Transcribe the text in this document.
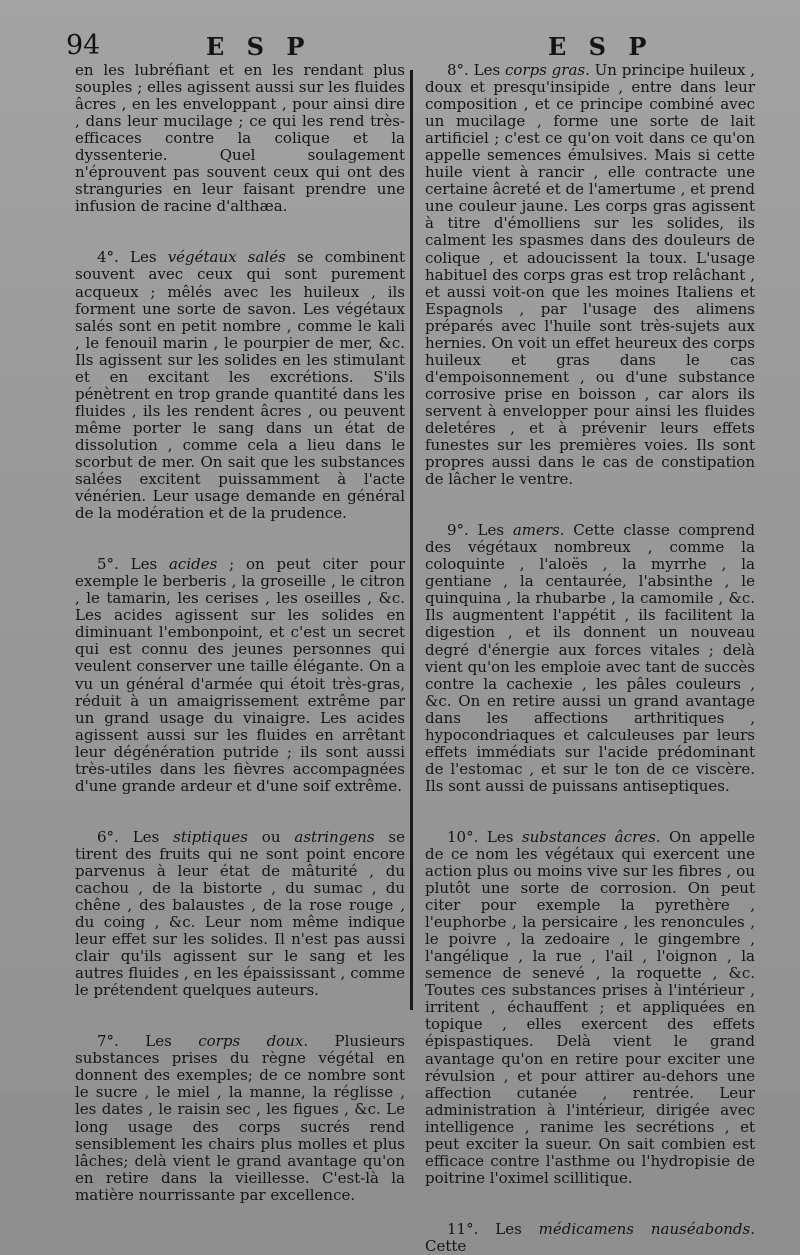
94	E S P	E S P

en les lubréfiant et en les rendant plus souples ; elles agissent aussi sur les fluides âcres , en les enveloppant , pour ainsi dire , dans leur mucilage ; ce qui les rend très-efficaces contre la colique et la dyssenterie. Quel soulagement n'éprouvent pas souvent ceux qui ont des stranguries en leur faisant prendre une infusion de racine d'althæa.

4°. Les végétaux salés se combinent souvent avec ceux qui sont purement acqueux ; mêlés avec les huileux , ils forment une sorte de savon. Les végétaux salés sont en petit nombre , comme le kali , le fenouil marin , le pourpier de mer, &c. Ils agissent sur les solides en les stimulant et en excitant les excrétions. S'ils pénètrent en trop grande quantité dans les fluides , ils les rendent âcres , ou peuvent même porter le sang dans un état de dissolution , comme cela a lieu dans le scorbut de mer. On sait que les substances salées excitent puissamment à l'acte vénérien. Leur usage demande en général de la modération et de la prudence.

5°. Les acides ; on peut citer pour exemple le berberis , la groseille , le citron , le tamarin, les cerises , les oseilles , &c. Les acides agissent sur les solides en diminuant l'embonpoint, et c'est un secret qui est connu des jeunes personnes qui veulent conserver une taille élégante. On a vu un général d'armée qui étoit très-gras, réduit à un amaigrissement extrême par un grand usage du vinaigre. Les acides agissent aussi sur les fluides en arrêtant leur dégénération putride ; ils sont aussi très-utiles dans les fièvres accompagnées d'une grande ardeur et d'une soif extrême.

6°. Les stiptiques ou astringens se tirent des fruits qui ne sont point encore parvenus à leur état de mâturité , du cachou , de la bistorte , du sumac , du chêne , des balaustes , de la rose rouge , du coing , &c. Leur nom même indique leur effet sur les solides. Il n'est pas aussi clair qu'ils agissent sur le sang et les autres fluides , en les épaississant , comme le prétendent quelques auteurs.

7°. Les corps doux. Plusieurs substances prises du règne végétal en donnent des exemples; de ce nombre sont le sucre , le miel , la manne, la réglisse , les dates , le raisin sec , les figues , &c. Le long usage des corps sucrés rend sensiblement les chairs plus molles et plus lâches; delà vient le grand avantage qu'on en retire dans la vieillesse. C'est-là la matière nourrissante par excellence.

8°. Les corps gras. Un principe huileux , doux et presqu'insipide , entre dans leur composition , et ce principe combiné avec un mucilage , forme une sorte de lait artificiel ; c'est ce qu'on voit dans ce qu'on appelle semences émulsives. Mais si cette huile vient à rancir , elle contracte une certaine âcreté et de l'amertume , et prend une couleur jaune. Les corps gras agissent à titre d'émolliens sur les solides, ils calment les spasmes dans des douleurs de colique , et adoucissent la toux. L'usage habituel des corps gras est trop relâchant , et aussi voit-on que les moines Italiens et Espagnols , par l'usage des alimens préparés avec l'huile sont très-sujets aux hernies. On voit un effet heureux des corps huileux et gras dans le cas d'empoisonnement , ou d'une substance corrosive prise en boisson , car alors ils servent à envelopper pour ainsi les fluides deletéres , et à prévenir leurs effets funestes sur les premières voies. Ils sont propres aussi dans le cas de constipation de lâcher le ventre.

9°. Les amers. Cette classe comprend des végétaux nombreux , comme la coloquinte , l'aloës , la myrrhe , la gentiane , la centaurée, l'absinthe , le quinquina , la rhubarbe , la camomile , &c. Ils augmentent l'appétit , ils facilitent la digestion , et ils donnent un nouveau degré d'énergie aux forces vitales ; delà vient qu'on les emploie avec tant de succès contre la cachexie , les pâles couleurs , &c. On en retire aussi un grand avantage dans les affections arthritiques , hypocondriaques et calculeuses par leurs effets immédiats sur l'acide prédominant de l'estomac , et sur le ton de ce viscère. Ils sont aussi de puissans antiseptiques.

10°. Les substances âcres. On appelle de ce nom les végétaux qui exercent une action plus ou moins vive sur les fibres , ou plutôt une sorte de corrosion. On peut citer pour exemple la pyrethère , l'euphorbe , la persicaire , les renoncules , le poivre , la zedoaire , le gingembre , l'angélique , la rue , l'ail , l'oignon , la semence de senevé , la roquette , &c. Toutes ces substances prises à l'intérieur , irritent , échauffent ; et appliquées en topique , elles exercent des effets épispastiques. Delà vient le grand avantage qu'on en retire pour exciter une révulsion , et pour attirer au-dehors une affection cutanée , rentrée. Leur administration à l'intérieur, dirigée avec intelligence , ranime les secrétions , et peut exciter la sueur. On sait combien est efficace contre l'asthme ou l'hydropisie de poitrine l'oximel scillitique.

11°. Les médicamens nauséabonds. Cette
